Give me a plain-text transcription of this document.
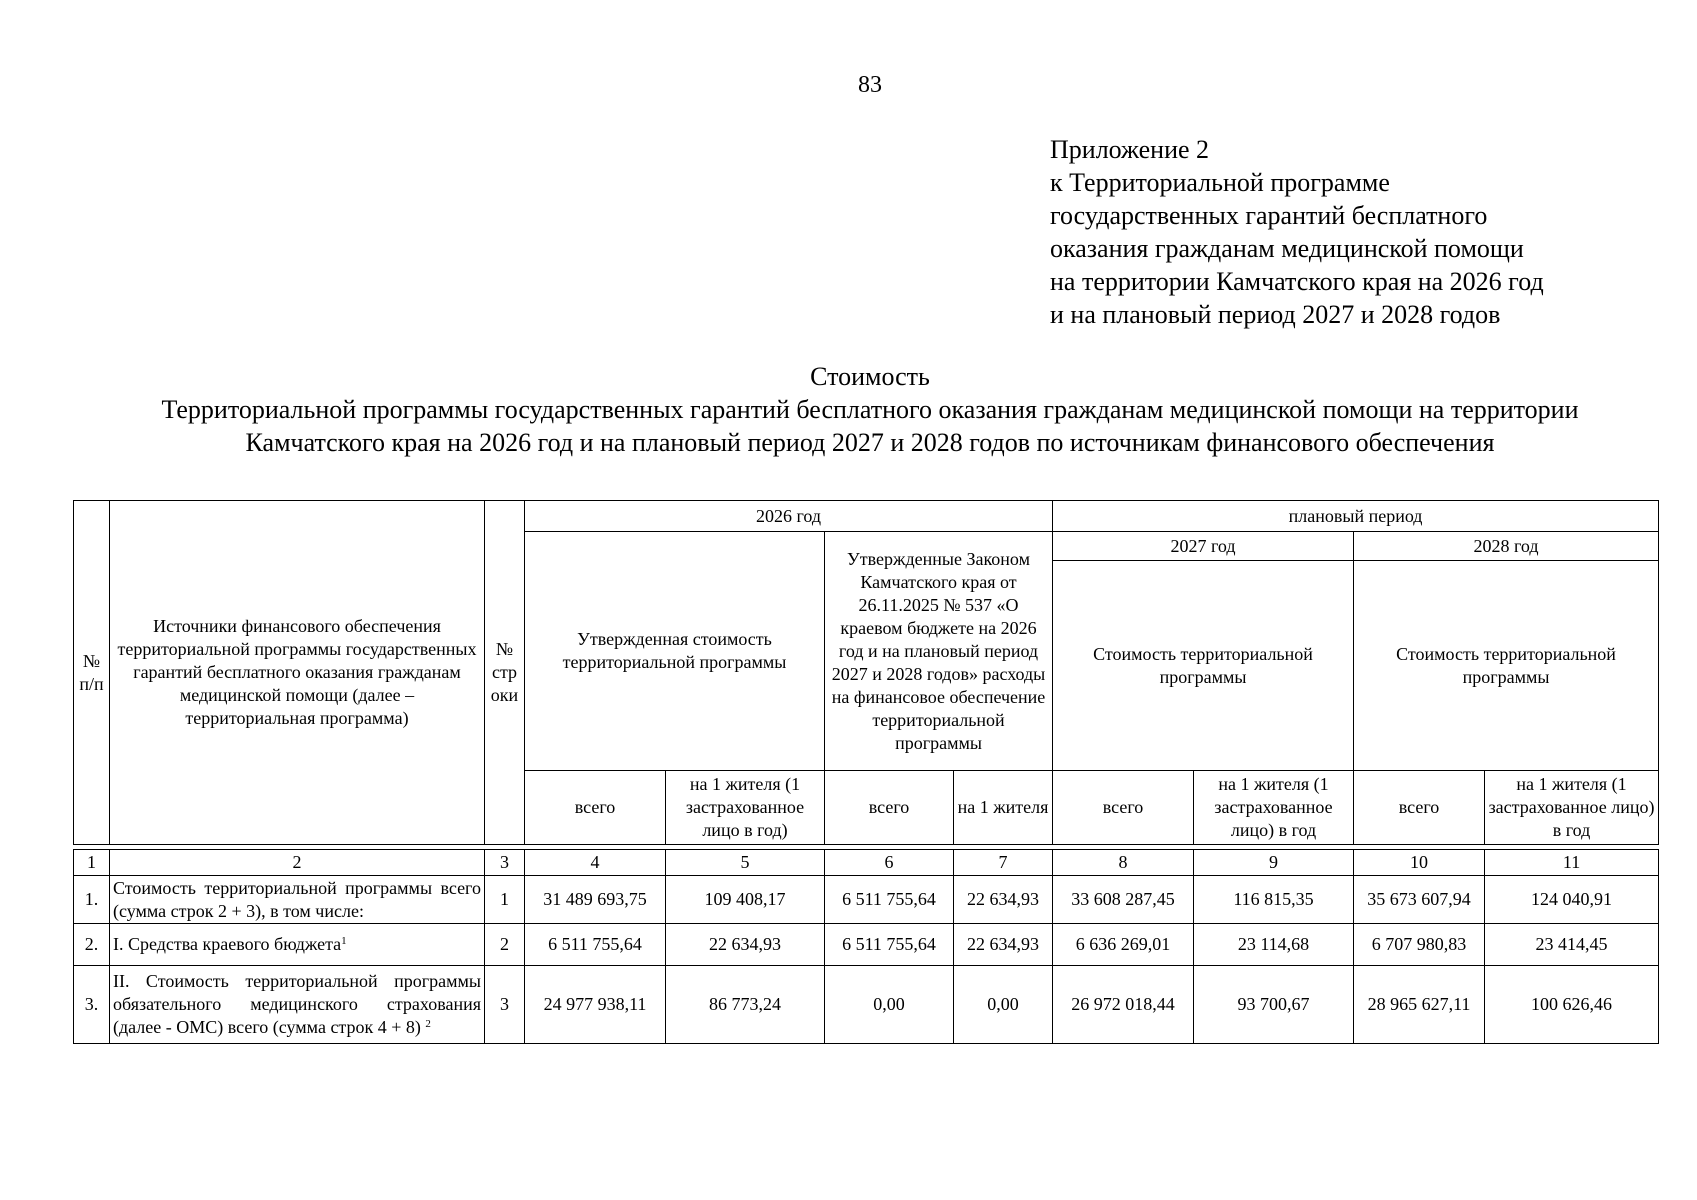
83
Приложение 2
к Территориальной программе
государственных гарантий бесплатного
оказания гражданам медицинской помощи
на территории Камчатского края на 2026 год
и на плановый период 2027 и 2028 годов
Стоимость
Территориальной программы государственных гарантий бесплатного оказания гражданам медицинской помощи на территории
Камчатского края на 2026 год и на плановый период 2027 и 2028 годов по источникам финансового обеспечения
№ п/п	Источники финансового обеспечения территориальной программы государственных гарантий бесплатного оказания гражданам медицинской помощи (далее – территориальная программа)	№ стр оки	2026 год				плановый период			
			Утвержденная стоимость территориальной программы		Утвержденные Законом Камчатского края от 26.11.2025 № 537 «О краевом бюджете на 2026 год и на плановый период 2027 и 2028 годов» расходы на финансовое обеспечение территориальной программы		2027 год		2028 год	
							Стоимость территориальной программы		Стоимость территориальной программы	
			всего	на 1 жителя (1 застрахованное лицо в год)	всего	на 1 жителя	всего	на 1 жителя (1 застрахованное лицо) в год	всего	на 1 жителя (1 застрахованное лицо) в год

1	2	3	4	5	6	7	8	9	10	11
1.	Стоимость территориальной программы всего (сумма строк 2 + 3), в том числе:	1	31 489 693,75	109 408,17	6 511 755,64	22 634,93	33 608 287,45	116 815,35	35 673 607,94	124 040,91
2.	I. Средства краевого бюджета$^1$	2	6 511 755,64	22 634,93	6 511 755,64	22 634,93	6 636 269,01	23 114,68	6 707 980,83	23 414,45
3.	II. Стоимость территориальной программы обязательного медицинского страхования (далее - ОМС) всего (сумма строк 4 + 8) $^2$	3	24 977 938,11	86 773,24	0,00	0,00	26 972 018,44	93 700,67	28 965 627,11	100 626,46
